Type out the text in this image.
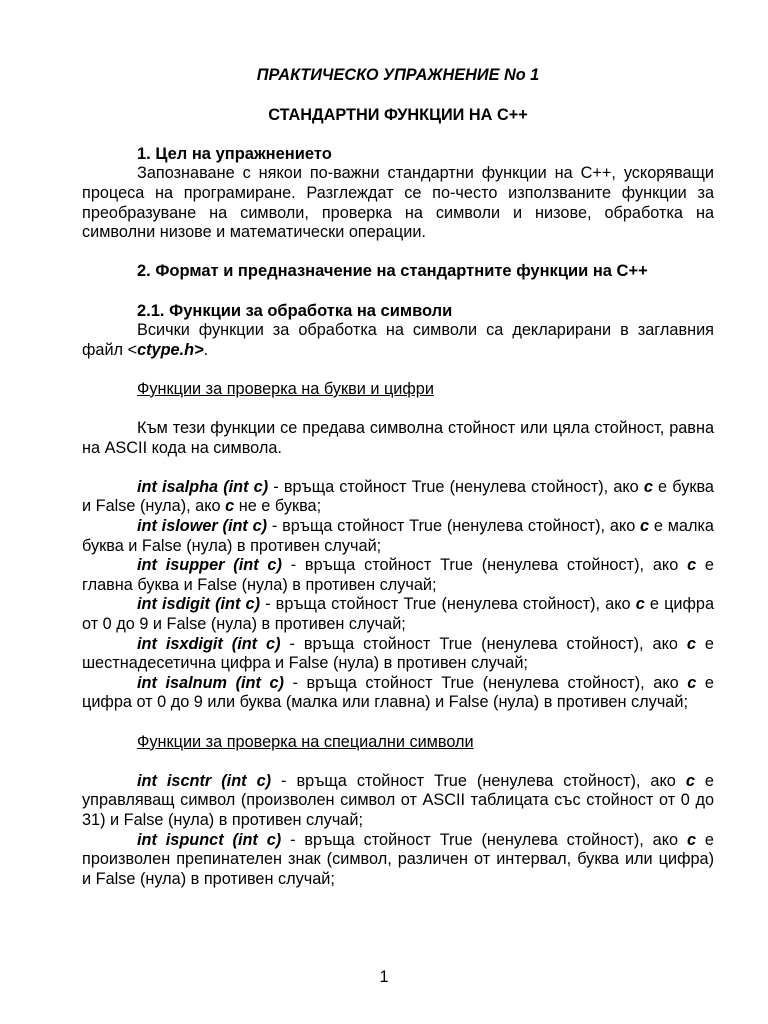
ПРАКТИЧЕСКО УПРАЖНЕНИЕ No 1

СТАНДАРТНИ ФУНКЦИИ НА С++

1. Цел на упражнението

Запознаване с някои по-важни стандартни функции на С++, ускоряващи процеса на програмиране. Разглеждат се по-често използваните функции за преобразуване на символи, проверка на символи и низове, обработка на символни низове и математически операции.

2. Формат и предназначение на стандартните функции на С++

2.1. Функции за обработка на символи

Всички функции за обработка на символи са декларирани в заглавния файл <ctype.h>.

Функции за проверка на букви и цифри

Към тези функции се предава символна стойност или цяла стойност, равна на ASCII кода на символа.

int isalpha (int c) - връща стойност True (ненулева стойност), ако c е буква и False (нула), ако c не е буква;

int islower (int c) - връща стойност True (ненулева стойност), ако c е малка буква и False (нула) в противен случай;

int isupper (int c) - връща стойност True (ненулева стойност), ако c е главна буква и False (нула) в противен случай;

int isdigit (int c) - връща стойност True (ненулева стойност), ако c е цифра от 0 до 9 и False (нула) в противен случай;

int isxdigit (int c) - връща стойност True (ненулева стойност), ако c е шестнадесетична цифра и False (нула) в противен случай;

int isalnum (int c) - връща стойност True (ненулева стойност), ако c е цифра от 0 до 9 или буква (малка или главна) и False (нула) в противен случай;

Функции за проверка на специални символи

int iscntr (int c) - връща стойност True (ненулева стойност), ако c е управляващ символ (произволен символ от ASCII таблицата със стойност от 0 до 31) и False (нула) в противен случай;

int ispunct (int c) - връща стойност True (ненулева стойност), ако c е произволен препинателен знак (символ, различен от интервал, буква или цифра) и False (нула) в противен случай;

1
